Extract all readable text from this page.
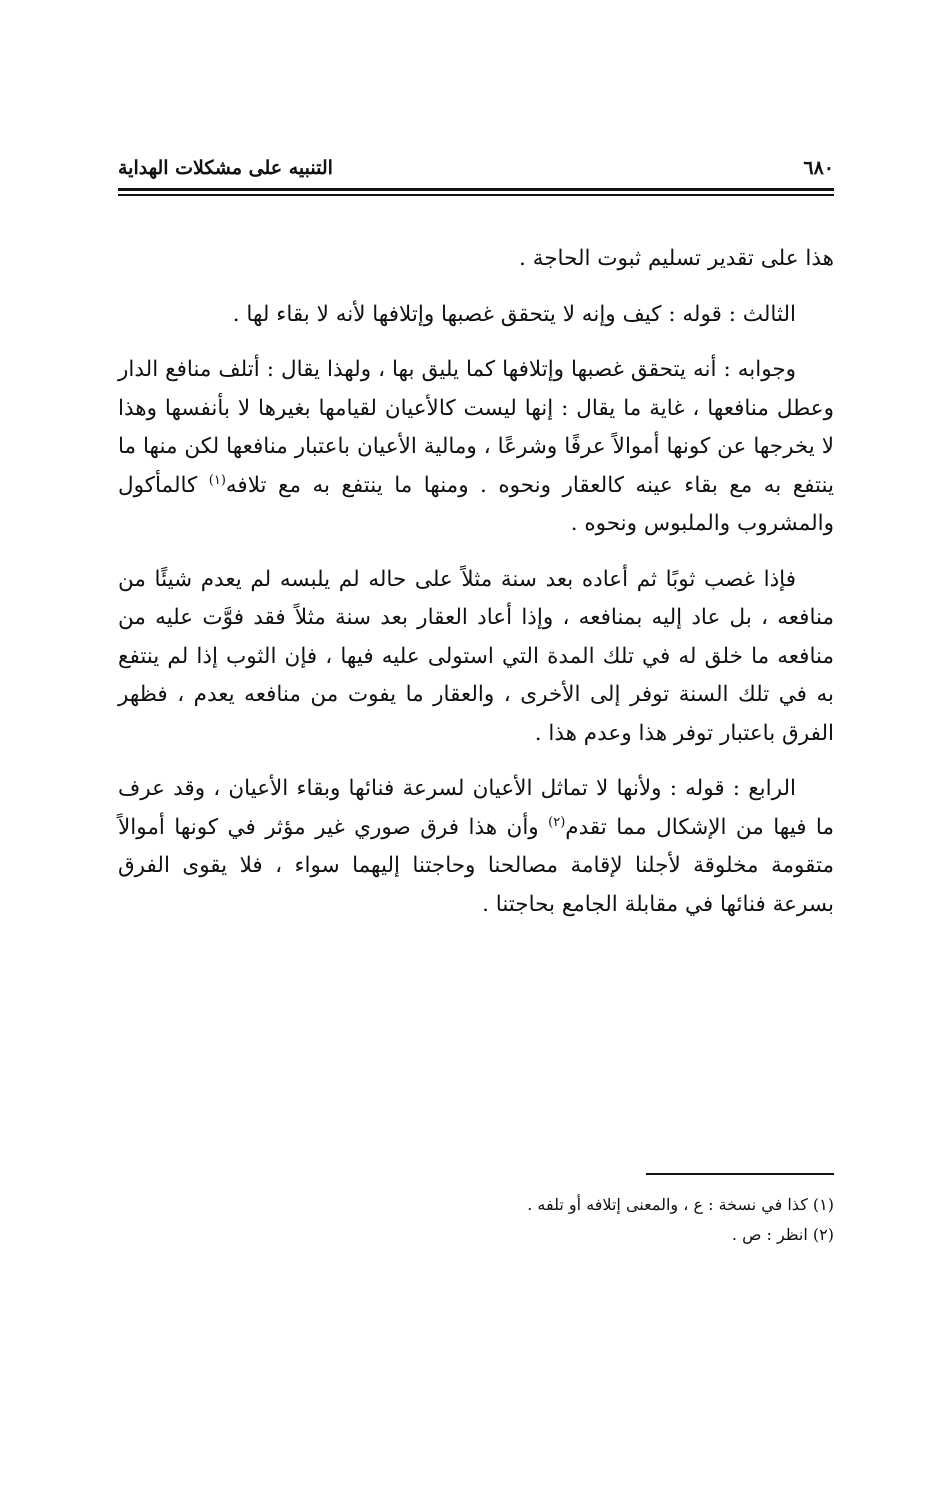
٦٨٠
التنبيه على مشكلات الهداية

هذا على تقدير تسليم ثبوت الحاجة .

الثالث : قوله : كيف وإنه لا يتحقق غصبها وإتلافها لأنه لا بقاء لها .

وجوابه : أنه يتحقق غصبها وإتلافها كما يليق بها ، ولهذا يقال : أتلف منافع الدار وعطل منافعها ، غاية ما يقال : إنها ليست كالأعيان لقيامها بغيرها لا بأنفسها وهذا لا يخرجها عن كونها أموالاً عرفًا وشرعًا ، ومالية الأعيان باعتبار منافعها لكن منها ما ينتفع به مع بقاء عينه كالعقار ونحوه . ومنها ما ينتفع به مع تلافه$^{(١)}$ كالمأكول والمشروب والملبوس ونحوه .

فإذا غصب ثوبًا ثم أعاده بعد سنة مثلاً على حاله لم يلبسه لم يعدم شيئًا من منافعه ، بل عاد إليه بمنافعه ، وإذا أعاد العقار بعد سنة مثلاً فقد فوَّت عليه من منافعه ما خلق له في تلك المدة التي استولى عليه فيها ، فإن الثوب إذا لم ينتفع به في تلك السنة توفر إلى الأخرى ، والعقار ما يفوت من منافعه يعدم ، فظهر الفرق باعتبار توفر هذا وعدم هذا .

الرابع : قوله : ولأنها لا تماثل الأعيان لسرعة فنائها وبقاء الأعيان ، وقد عرف ما فيها من الإشكال مما تقدم$^{(٢)}$ وأن هذا فرق صوري غير مؤثر في كونها أموالاً متقومة مخلوقة لأجلنا لإقامة مصالحنا وحاجتنا إليهما سواء ، فلا يقوى الفرق بسرعة فنائها في مقابلة الجامع بحاجتنا .

(١) كذا في نسخة : ع ، والمعنى إتلافه أو تلفه .
(٢) انظر : ص .
